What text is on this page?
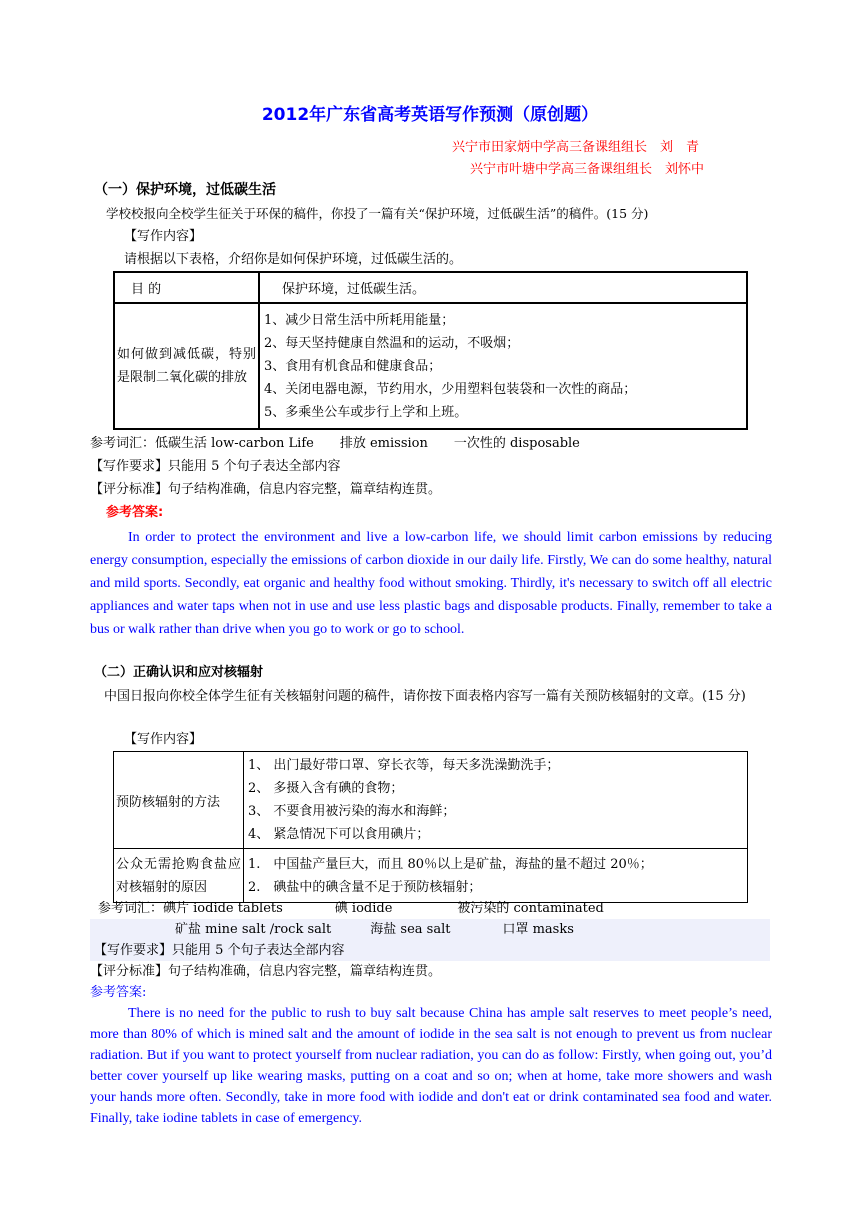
2012年广东省高考英语写作预测（原创题）
兴宁市田家炳中学高三备课组组长　刘　青
兴宁市叶塘中学高三备课组组长　刘怀中
（一）保护环境，过低碳生活
学校校报向全校学生征关于环保的稿件，你投了一篇有关“保护环境，过低碳生活”的稿件。(15 分)
【写作内容】
请根据以下表格，介绍你是如何保护环境，过低碳生活的。
目 的	保护环境，过低碳生活。
如何做到减低碳，特别是限制二氧化碳的排放	1、减少日常生活中所耗用能量；
2、每天坚持健康自然温和的运动，不吸烟；
3、食用有机食品和健康食品；
4、关闭电器电源，节约用水，少用塑料包装袋和一次性的商品；
5、多乘坐公车或步行上学和上班。
参考词汇：低碳生活 low-carbon Life　　排放 emission　　一次性的 disposable
【写作要求】只能用 5 个句子表达全部内容
【评分标准】句子结构准确，信息内容完整，篇章结构连贯。
参考答案:
In order to protect the environment and live a low-carbon life, we should limit carbon emissions by reducing energy consumption, especially the emissions of carbon dioxide in our daily life. Firstly, We can do some healthy, natural and mild sports. Secondly, eat organic and healthy food without smoking. Thirdly, it's necessary to switch off all electric appliances and water taps when not in use and use less plastic bags and disposable products. Finally, remember to take a bus or walk rather than drive when you go to work or go to school.
（二）正确认识和应对核辐射
中国日报向你校全体学生征有关核辐射问题的稿件，请你按下面表格内容写一篇有关预防核辐射的文章。(15 分)
【写作内容】
预防核辐射的方法	1、 出门最好带口罩、穿长衣等，每天多洗澡勤洗手；
2、 多摄入含有碘的食物；
3、 不要食用被污染的海水和海鲜；
4、 紧急情况下可以食用碘片；

公众无需抢购食盐应对核辐射的原因	1.　中国盐产量巨大，而且 80％以上是矿盐，海盐的量不超过 20％；
2.　碘盐中的碘含量不足于预防核辐射；
参考词汇：碘片 iodide tablets　　　　碘 iodide　　　　　被污染的 contaminated
矿盐 mine salt /rock salt　　　海盐 sea salt　　　　口罩 masks
【写作要求】只能用 5 个句子表达全部内容
【评分标准】句子结构准确，信息内容完整，篇章结构连贯。
参考答案:
There is no need for the public to rush to buy salt because China has ample salt reserves to meet people’s need, more than 80% of which is mined salt and the amount of iodide in the sea salt is not enough to prevent us from nuclear radiation. But if you want to protect yourself from nuclear radiation, you can do as follow: Firstly, when going out, you’d better cover yourself up like wearing masks, putting on a coat and so on; when at home, take more showers and wash your hands more often. Secondly, take in more food with iodide and don't eat or drink contaminated sea food and water. Finally, take iodine tablets in case of emergency.
